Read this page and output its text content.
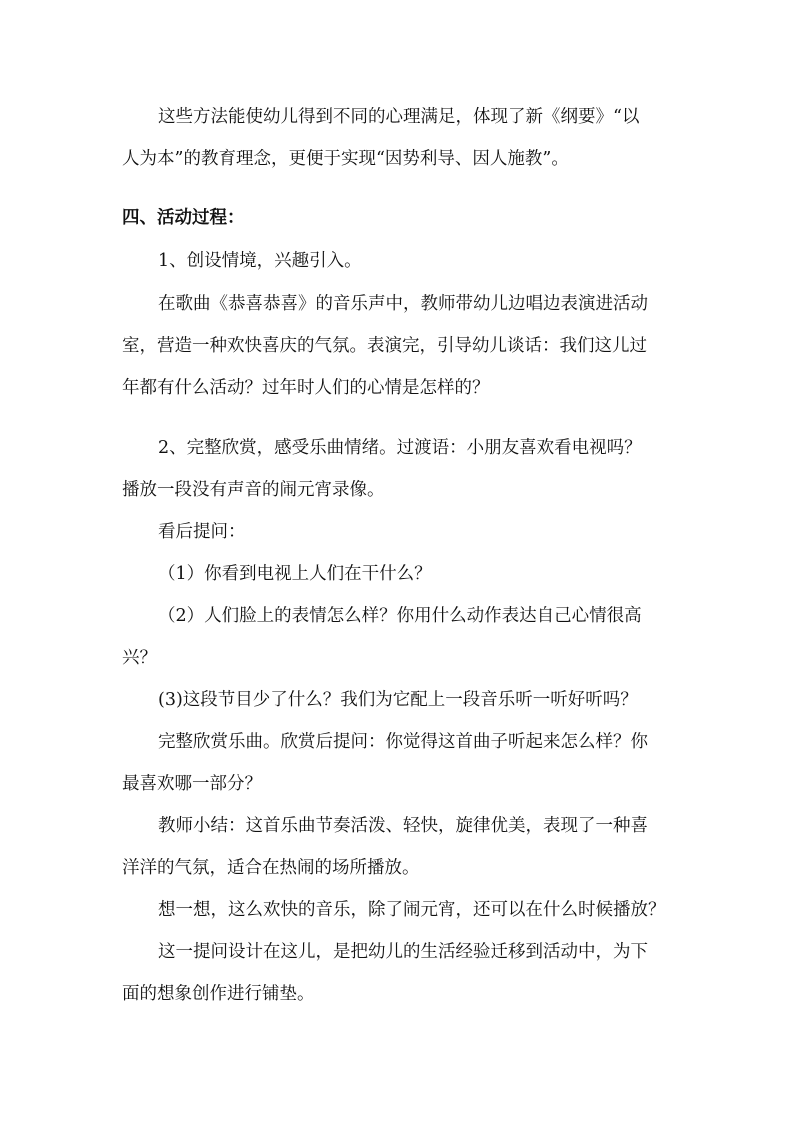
这些方法能使幼儿得到不同的心理满足，体现了新《纲要》“以
人为本”的教育理念，更便于实现“因势利导、因人施教”。
四、活动过程：
1、创设情境，兴趣引入。
在歌曲《恭喜恭喜》的音乐声中，教师带幼儿边唱边表演进活动
室，营造一种欢快喜庆的气氛。表演完，引导幼儿谈话：我们这儿过
年都有什么活动？过年时人们的心情是怎样的？
2、完整欣赏，感受乐曲情绪。过渡语：小朋友喜欢看电视吗？
播放一段没有声音的闹元宵录像。
看后提问：
（1）你看到电视上人们在干什么？
（2）人们脸上的表情怎么样？你用什么动作表达自己心情很高
兴？
(3)这段节目少了什么？我们为它配上一段音乐听一听好听吗？
完整欣赏乐曲。欣赏后提问：你觉得这首曲子听起来怎么样？你
最喜欢哪一部分？
教师小结：这首乐曲节奏活泼、轻快，旋律优美，表现了一种喜
洋洋的气氛，适合在热闹的场所播放。
想一想，这么欢快的音乐，除了闹元宵，还可以在什么时候播放？
这一提问设计在这儿，是把幼儿的生活经验迁移到活动中，为下
面的想象创作进行铺垫。
